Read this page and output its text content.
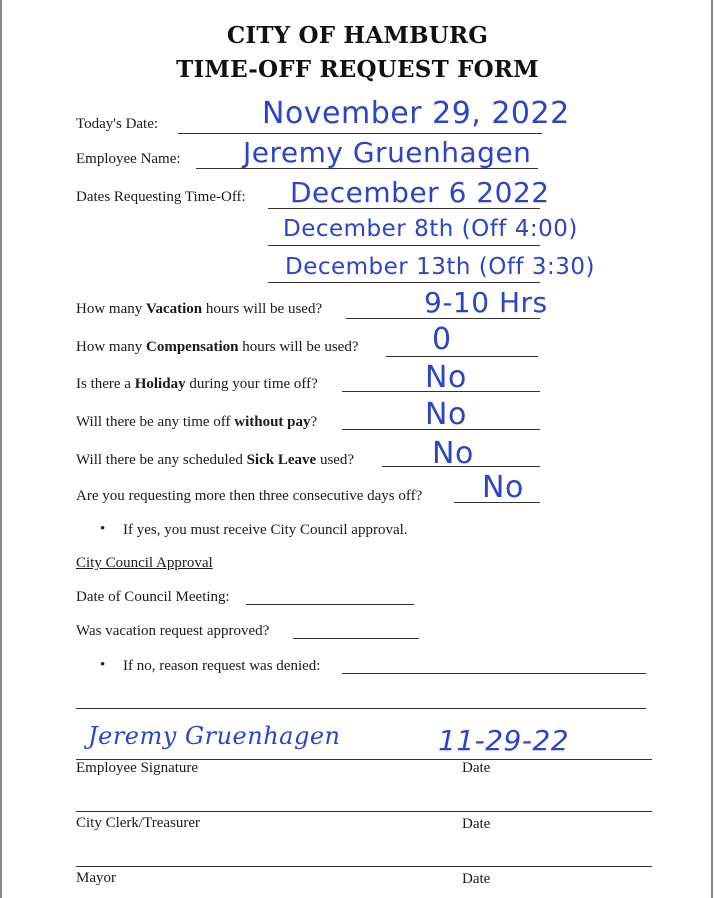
CITY OF HAMBURG
TIME-OFF REQUEST FORM
Today's Date:	November 29, 2022
Employee Name: Jeremy Gruenhagen
Dates Requesting Time-Off: December 6 2022
December 8th (Off 4:00)
December 13th (Off 3:30)
How many Vacation hours will be used?	9-10 Hrs
How many Compensation hours will be used? 0
Is there a Holiday during your time off?	No
Will there be any time off without pay?	No
Will there be any scheduled Sick Leave used?	No
Are you requesting more then three consecutive days off? No
• If yes, you must receive City Council approval.
City Council Approval
Date of Council Meeting:
Was vacation request approved?
• If no, reason request was denied:
Employee Signature	Date
Jeremy Gruenhagen	11-29-22
City Clerk/Treasurer	Date
Mayor	Date
